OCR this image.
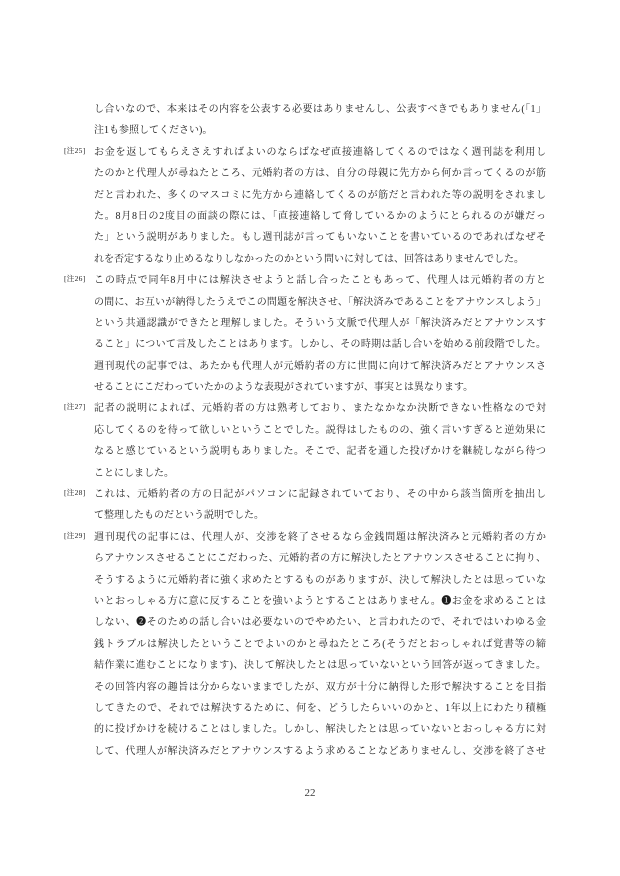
し合いなので、本来はその内容を公表する必要はありませんし、公表すべきでもありません(「1」
注1も参照してください)。
[注25] お金を返してもらえさえすればよいのならばなぜ直接連絡してくるのではなく週刊誌を利用し
たのかと代理人が尋ねたところ、元婚約者の方は、自分の母親に先方から何か言ってくるのが筋
だと言われた、多くのマスコミに先方から連絡してくるのが筋だと言われた等の説明をされまし
た。8月8日の2度目の面談の際には、「直接連絡して脅しているかのようにとられるのが嫌だっ
た」という説明がありました。もし週刊誌が言ってもいないことを書いているのであればなぜそ
れを否定するなり止めるなりしなかったのかという問いに対しては、回答はありませんでした。
[注26] この時点で同年8月中には解決させようと話し合ったこともあって、代理人は元婚約者の方と
の間に、お互いが納得したうえでこの問題を解決させ、「解決済みであることをアナウンスしよう」
という共通認識ができたと理解しました。そういう文脈で代理人が「解決済みだとアナウンスす
ること」について言及したことはあります。しかし、その時期は話し合いを始める前段階でした。
週刊現代の記事では、あたかも代理人が元婚約者の方に世間に向けて解決済みだとアナウンスさ
せることにこだわっていたかのような表現がされていますが、事実とは異なります。
[注27] 記者の説明によれば、元婚約者の方は熟考しており、またなかなか決断できない性格なので対
応してくるのを待って欲しいということでした。説得はしたものの、強く言いすぎると逆効果に
なると感じているという説明もありました。そこで、記者を通した投げかけを継続しながら待つ
ことにしました。
[注28] これは、元婚約者の方の日記がパソコンに記録されていており、その中から該当箇所を抽出し
て整理したものだという説明でした。
[注29] 週刊現代の記事には、代理人が、交渉を終了させるなら金銭問題は解決済みと元婚約者の方か
らアナウンスさせることにこだわった、元婚約者の方に解決したとアナウンスさせることに拘り、
そうするように元婚約者に強く求めたとするものがありますが、決して解決したとは思っていな
いとおっしゃる方に意に反することを強いようとすることはありません。❶お金を求めることは
しない、❷そのための話し合いは必要ないのでやめたい、と言われたので、それではいわゆる金
銭トラブルは解決したということでよいのかと尋ねたところ(そうだとおっしゃれば覚書等の締
結作業に進むことになります)、決して解決したとは思っていないという回答が返ってきました。
その回答内容の趣旨は分からないままでしたが、双方が十分に納得した形で解決することを目指
してきたので、それでは解決するために、何を、どうしたらいいのかと、1年以上にわたり積極
的に投げかけを続けることはしました。しかし、解決したとは思っていないとおっしゃる方に対
して、代理人が解決済みだとアナウンスするよう求めることなどありませんし、交渉を終了させ
22
